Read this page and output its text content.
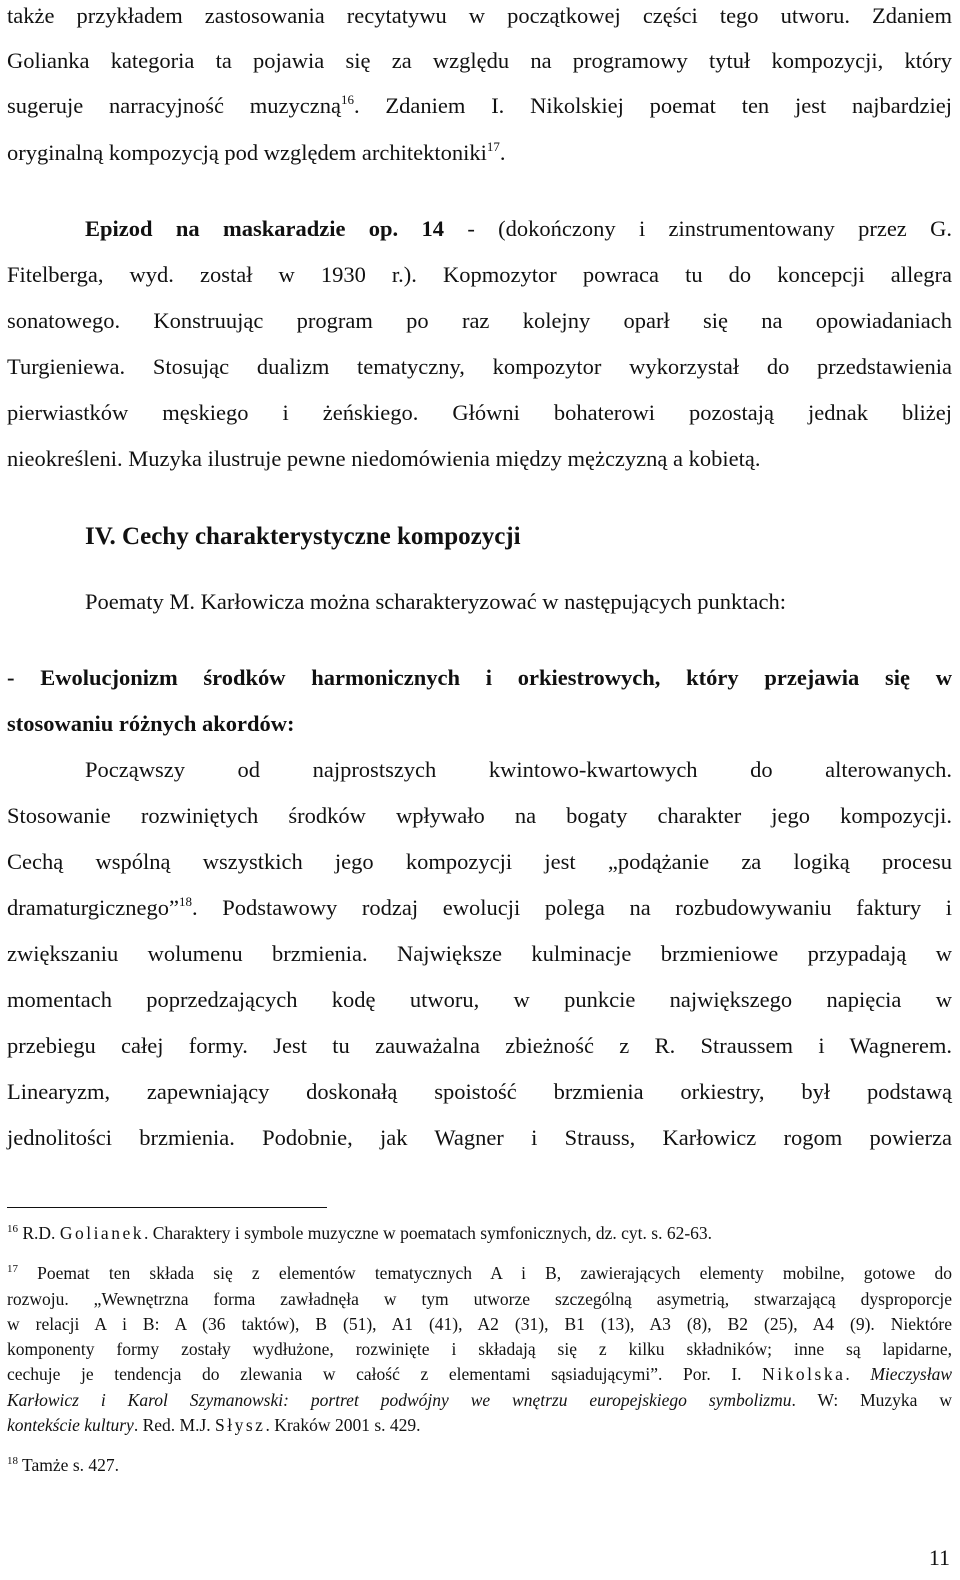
także przykładem zastosowania recytatywu w początkowej części tego utworu. Zdaniem
Golianka kategoria ta pojawia się za względu na programowy tytuł kompozycji, który
sugeruje narracyjność muzyczną$^{16}$. Zdaniem I. Nikolskiej poemat ten jest najbardziej
oryginalną kompozycją pod względem architektoniki$^{17}$.
Epizod na maskaradzie op. 14 - (dokończony i zinstrumentowany przez G.
Fitelberga, wyd. został w 1930 r.). Kopmozytor powraca tu do koncepcji allegra
sonatowego. Konstruując program po raz kolejny oparł się na opowiadaniach
Turgieniewa. Stosując dualizm tematyczny, kompozytor wykorzystał do przedstawienia
pierwiastków męskiego i żeńskiego. Główni bohaterowi pozostają jednak bliżej
nieokreśleni. Muzyka ilustruje pewne niedomówienia między mężczyzną a kobietą.
IV. Cechy charakterystyczne kompozycji
Poematy M. Karłowicza można scharakteryzować w następujących punktach:
- Ewolucjonizm środków harmonicznych i orkiestrowych, który przejawia się w
stosowaniu różnych akordów:
Począwszy od najprostszych kwintowo-kwartowych do alterowanych.
Stosowanie rozwiniętych środków wpływało na bogaty charakter jego kompozycji.
Cechą wspólną wszystkich jego kompozycji jest „podążanie za logiką procesu
dramaturgicznego”$^{18}$. Podstawowy rodzaj ewolucji polega na rozbudowywaniu faktury i
zwiększaniu wolumenu brzmienia. Największe kulminacje brzmieniowe przypadają w
momentach poprzedzających kodę utworu, w punkcie największego napięcia w
przebiegu całej formy. Jest tu zauważalna zbieżność z R. Straussem i Wagnerem.
Linearyzm, zapewniający doskonałą spoistość brzmienia orkiestry, był podstawą
jednolitości brzmienia. Podobnie, jak Wagner i Strauss, Karłowicz rogom powierza
$^{16}$ R.D. Golianek. Charaktery i symbole muzyczne w poematach symfonicznych, dz. cyt. s. 62-63.
$^{17}$ Poemat ten składa się z elementów tematycznych A i B, zawierających elementy mobilne, gotowe do
rozwoju. „Wewnętrzna forma zawładnęła w tym utworze szczególną asymetrią, stwarzającą dysproporcje
w relacji A i B: A (36 taktów), B (51), A1 (41), A2 (31), B1 (13), A3 (8), B2 (25), A4 (9). Niektóre
komponenty formy zostały wydłużone, rozwinięte i składają się z kilku składników; inne są lapidarne,
cechuje je tendencja do zlewania w całość z elementami sąsiadującymi”. Por. I. Nikolska. Mieczysław
Karłowicz i Karol Szymanowski: portret podwójny we wnętrzu europejskiego symbolizmu. W: Muzyka w
kontekście kultury. Red. M.J. Słysz. Kraków 2001 s. 429.
$^{18}$ Tamże s. 427.
11
